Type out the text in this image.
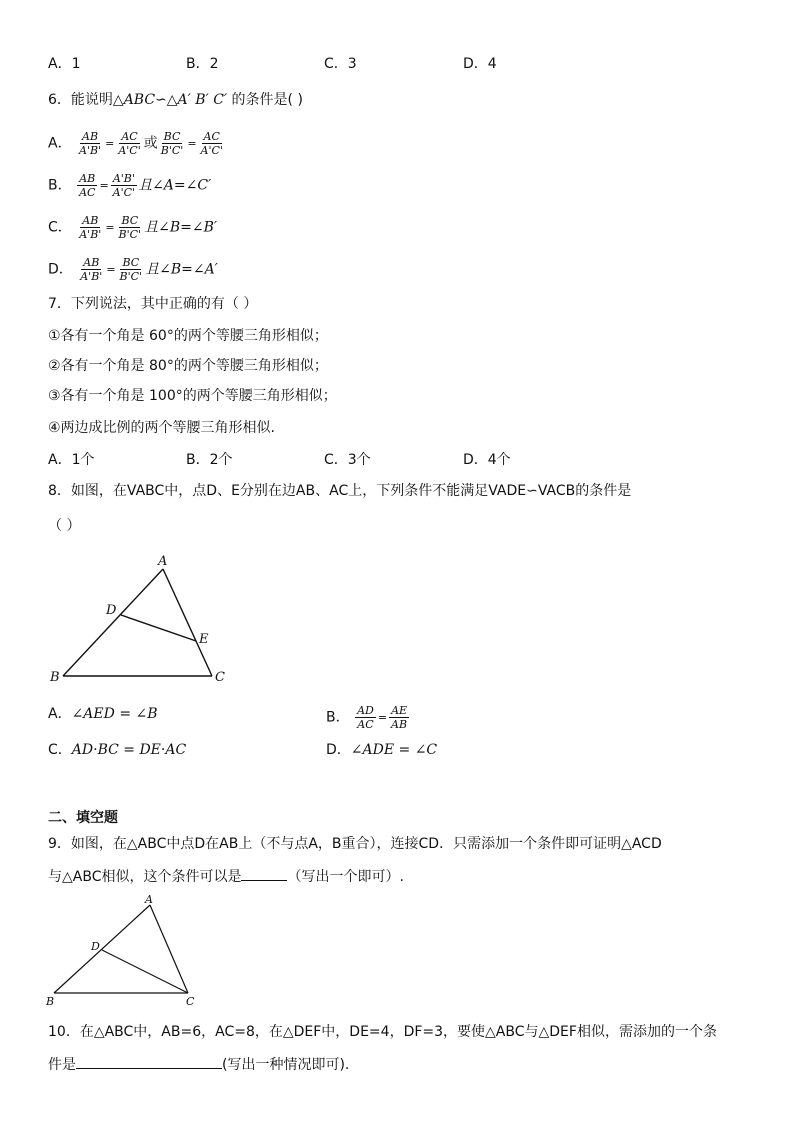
A．1	B．2	C．3	D．4
6．能说明△ABC∽△A′ B′ C′ 的条件是( )
A． $\frac{AB}{A'B'} = \frac{AC}{A'C'}$ 或 $\frac{BC}{B'C'} = \frac{AC}{A'C'}$
B． $\frac{AB}{AC} = \frac{A'B'}{A'C'}$ 且∠A=∠C′
C． $\frac{AB}{A'B'} = \frac{BC}{B'C'}$ 且∠B=∠B′
D． $\frac{AB}{A'B'} = \frac{BC}{B'C'}$ 且∠B=∠A′
7．下列说法，其中正确的有（ ）
①各有一个角是 60°的两个等腰三角形相似；
②各有一个角是 80°的两个等腰三角形相似；
③各有一个角是 100°的两个等腰三角形相似；
④两边成比例的两个等腰三角形相似.
A．1个	B．2个	C．3个	D．4个
8．如图，在VABC中，点D、E分别在边AB、AC上，下列条件不能满足VADE∽VACB的条件是
（ ）
A
D
E
B	C
A．∠AED = ∠B	B． $\frac{AD}{AC} = \frac{AE}{AB}$
C．AD·BC = DE·AC	D．∠ADE = ∠C
二、填空题
9．如图，在△ABC中点D在AB上（不与点A，B重合），连接CD．只需添加一个条件即可证明△ACD
与△ABC相似，这个条件可以是	（写出一个即可）.
A
D
B	C
10．在△ABC中，AB=6，AC=8，在△DEF中，DE=4，DF=3，要使△ABC与△DEF相似，需添加的一个条
件是	(写出一种情况即可).
